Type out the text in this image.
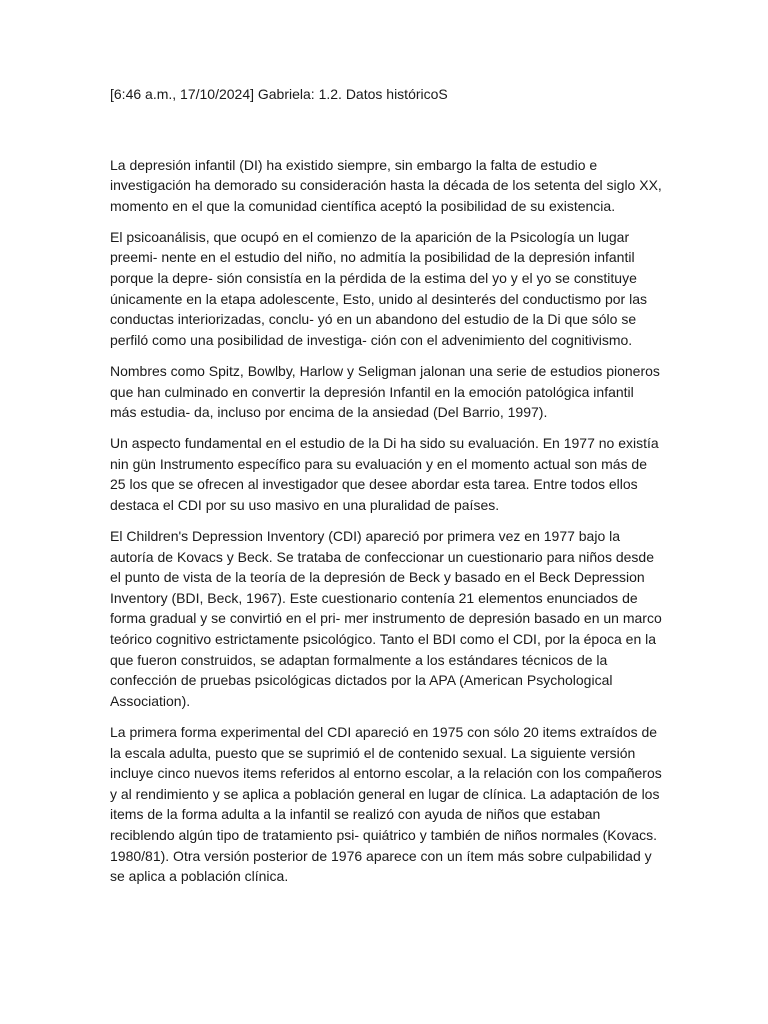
[6:46 a.m., 17/10/2024] Gabriela: 1.2. Datos históricoS

La depresión infantil (DI) ha existido siempre, sin embargo la falta de estudio e investigación ha demorado su consideración hasta la década de los setenta del siglo XX, momento en el que la comunidad científica aceptó la posibilidad de su existencia.

El psicoanálisis, que ocupó en el comienzo de la aparición de la Psicología un lugar preemi- nente en el estudio del niño, no admitía la posibilidad de la depresión infantil porque la depre- sión consistía en la pérdida de la estima del yo y el yo se constituye únicamente en la etapa adolescente, Esto, unido al desinterés del conductismo por las conductas interiorizadas, conclu- yó en un abandono del estudio de la Di que sólo se perfiló como una posibilidad de investiga- ción con el advenimiento del cognitivismo.

Nombres como Spitz, Bowlby, Harlow y Seligman jalonan una serie de estudios pioneros que han culminado en convertir la depresión Infantil en la emoción patológica infantil más estudia- da, incluso por encima de la ansiedad (Del Barrio, 1997).

Un aspecto fundamental en el estudio de la Di ha sido su evaluación. En 1977 no existía nin gün Instrumento específico para su evaluación y en el momento actual son más de 25 los que se ofrecen al investigador que desee abordar esta tarea. Entre todos ellos destaca el CDI por su uso masivo en una pluralidad de países.

El Children's Depression Inventory (CDI) apareció por primera vez en 1977 bajo la autoría de Kovacs y Beck. Se trataba de confeccionar un cuestionario para niños desde el punto de vista de la teoría de la depresión de Beck y basado en el Beck Depression Inventory (BDI, Beck, 1967). Este cuestionario contenía 21 elementos enunciados de forma gradual y se convirtió en el pri- mer instrumento de depresión basado en un marco teórico cognitivo estrictamente psicológico. Tanto el BDI como el CDI, por la época en la que fueron construidos, se adaptan formalmente a los estándares técnicos de la confección de pruebas psicológicas dictados por la APA (American Psychological Association).

La primera forma experimental del CDI apareció en 1975 con sólo 20 items extraídos de la escala adulta, puesto que se suprimió el de contenido sexual. La siguiente versión incluye cinco nuevos items referidos al entorno escolar, a la relación con los compañeros y al rendimiento y se aplica a población general en lugar de clínica. La adaptación de los items de la forma adulta a la infantil se realizó con ayuda de niños que estaban reciblendo algún tipo de tratamiento psi- quiátrico y también de niños normales (Kovacs. 1980/81). Otra versión posterior de 1976 aparece con un ítem más sobre culpabilidad y se aplica a población clínica.
